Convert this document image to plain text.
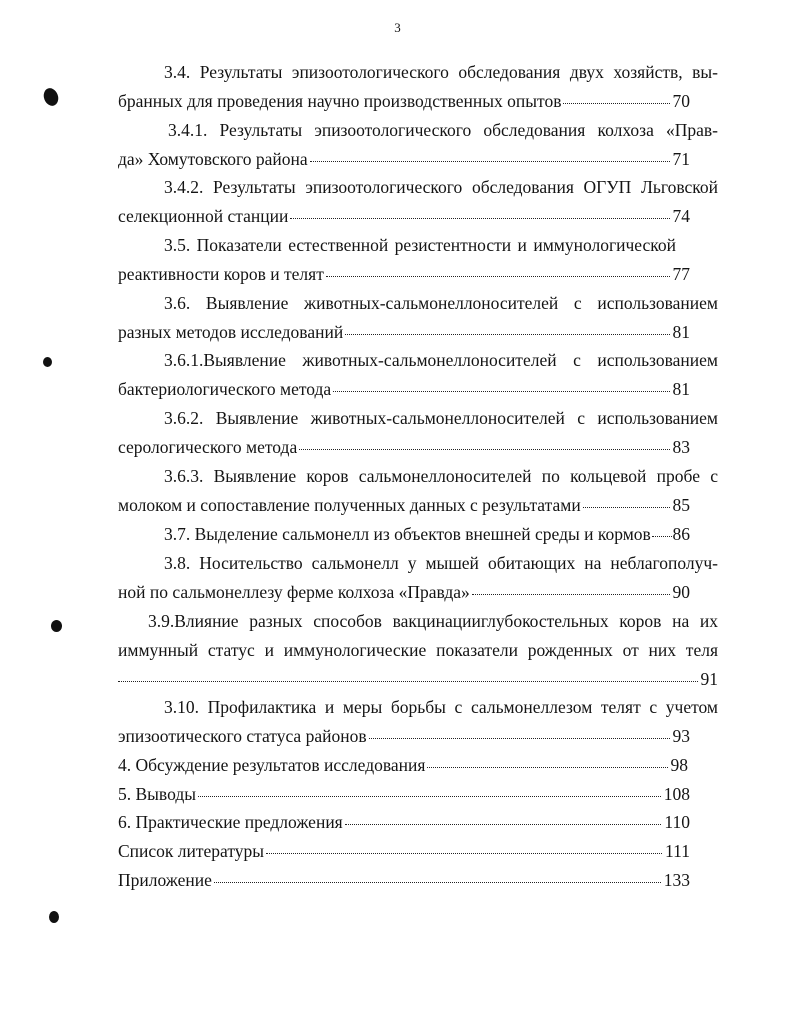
3
3.4. Результаты эпизоотологического обследования двух хозяйств, вы-
бранных для проведения научно производственных опытов	70
3.4.1. Результаты эпизоотологического обследования колхоза «Прав-
да» Хомутовского района	71
3.4.2. Результаты эпизоотологического обследования ОГУП Льговской
селекционной станции	74
3.5. Показатели естественной резистентности и иммунологической
реактивности коров и телят	77
3.6. Выявление животных-сальмонеллоносителей с использованием
разных методов исследований	81
3.6.1.Выявление животных-сальмонеллоносителей с использованием
бактериологического метода	81
3.6.2. Выявление животных-сальмонеллоносителей с использованием
серологического метода	83
3.6.3. Выявление коров сальмонеллоносителей по кольцевой пробе с
молоком и сопоставление полученных данных с результатами	85
3.7. Выделение сальмонелл из объектов внешней среды и кормов 86
3.8. Носительство сальмонелл у мышей обитающих на неблагополуч-
ной по сальмонеллезу ферме колхоза «Правда»	90
3.9.Влияние разных способов вакцинацииглубокостельных коров на их
иммунный статус и иммунологические показатели рожденных от них теля
91
3.10. Профилактика и меры борьбы с сальмонеллезом телят с учетом
эпизоотического статуса районов	93
4. Обсуждение результатов исследования	98
5. Выводы	108
6. Практические предложения	110
Список литературы	111
Приложение	133
